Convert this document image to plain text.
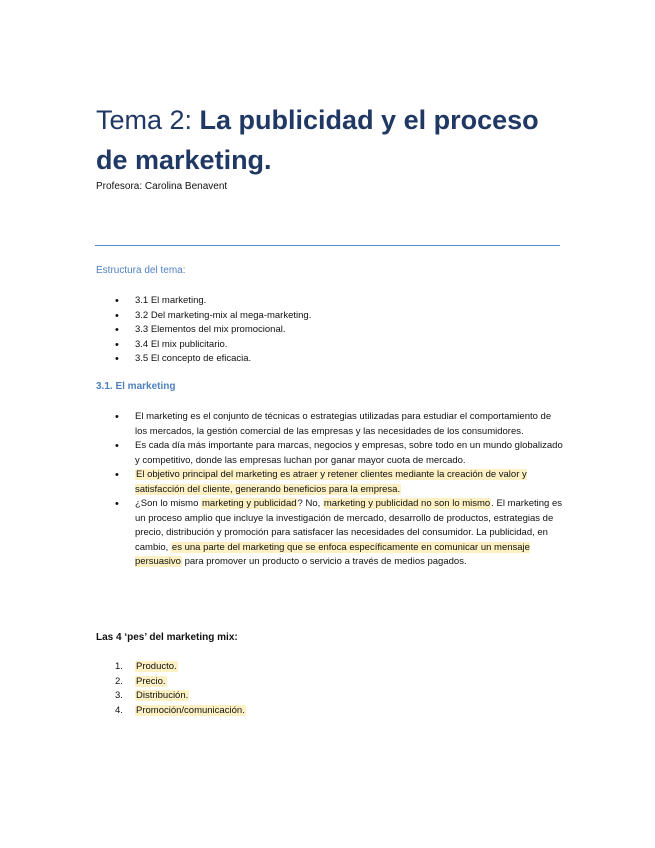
Tema 2: La publicidad y el proceso de marketing.
Profesora: Carolina Benavent
Estructura del tema:
• 3.1 El marketing.
• 3.2 Del marketing-mix al mega-marketing.
• 3.3 Elementos del mix promocional.
• 3.4 El mix publicitario.
• 3.5 El concepto de eficacia.
3.1. El marketing
• El marketing es el conjunto de técnicas o estrategias utilizadas para estudiar el comportamiento de los mercados, la gestión comercial de las empresas y las necesidades de los consumidores.
• Es cada día más importante para marcas, negocios y empresas, sobre todo en un mundo globalizado y competitivo, donde las empresas luchan por ganar mayor cuota de mercado.
• El objetivo principal del marketing es atraer y retener clientes mediante la creación de valor y satisfacción del cliente, generando beneficios para la empresa.
• ¿Son lo mismo marketing y publicidad? No, marketing y publicidad no son lo mismo. El marketing es un proceso amplio que incluye la investigación de mercado, desarrollo de productos, estrategias de precio, distribución y promoción para satisfacer las necesidades del consumidor. La publicidad, en cambio, es una parte del marketing que se enfoca específicamente en comunicar un mensaje persuasivo para promover un producto o servicio a través de medios pagados.
Las 4 ‘pes’ del marketing mix:
1. Producto.
2. Precio.
3. Distribución.
4. Promoción/comunicación.
